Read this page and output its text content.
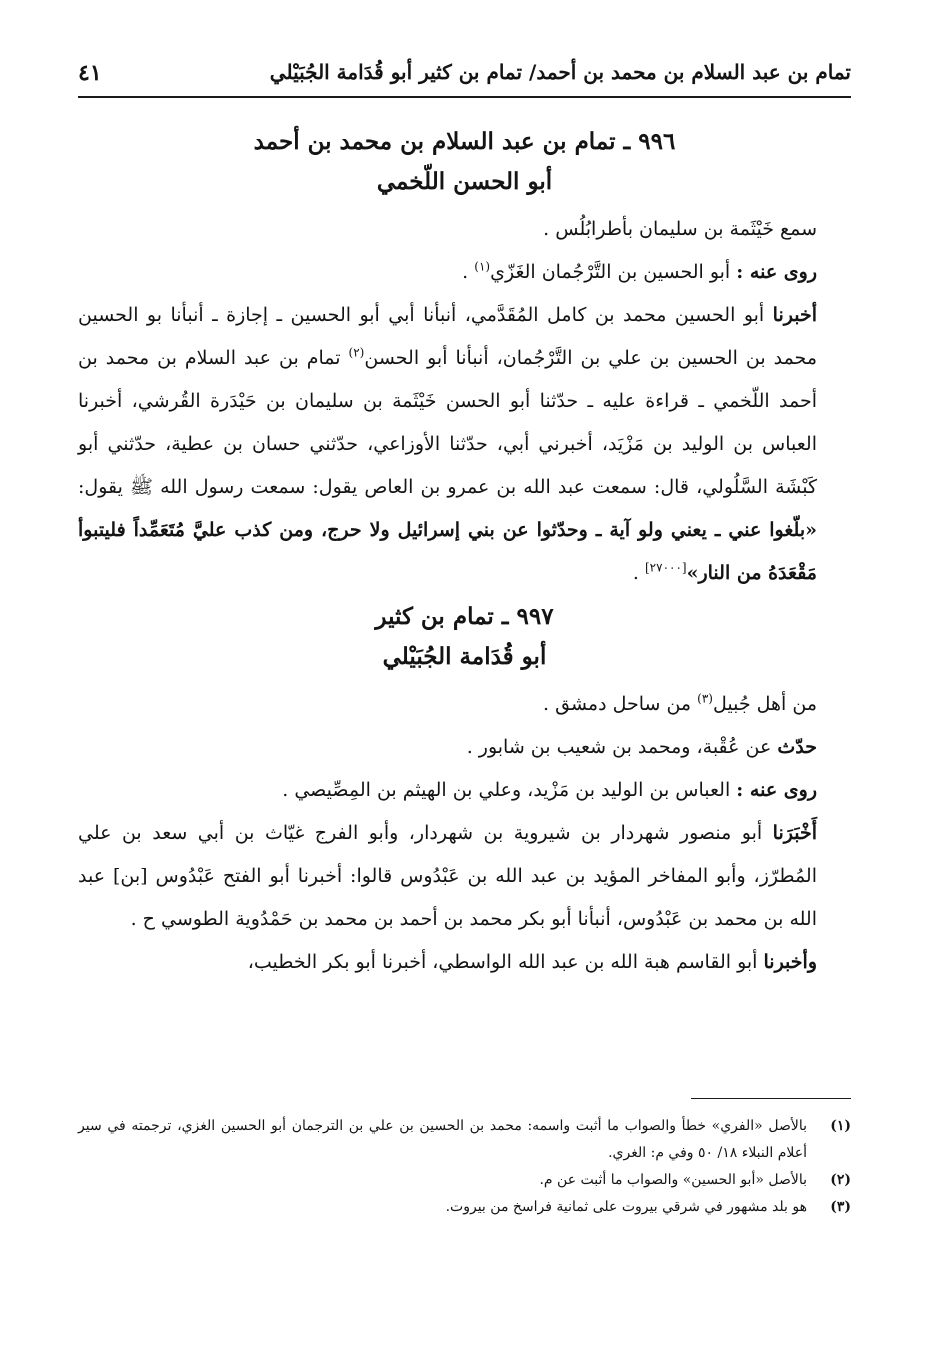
تمام بن عبد السلام بن محمد بن أحمد/ تمام بن كثير أبو قُدَامة الجُبَيْلي
٤١
٩٩٦ ـ تمام بن عبد السلام بن محمد بن أحمد
أبو الحسن اللّخمي

سمع خَيْثَمة بن سليمان بأطرابُلُس .

روى عنه : أبو الحسين بن التَّرْجُمان الغَزّي$^{(١)}$ .

أخبرنا أبو الحسين محمد بن كامل المُقَدَّمي، أنبأنا أبي أبو الحسين ـ إجازة ـ أنبأنا بو الحسين محمد بن الحسين بن علي بن التَّرْجُمان، أنبأنا أبو الحسن$^{(٢)}$ تمام بن عبد السلام بن محمد بن أحمد اللّخمي ـ قراءة عليه ـ حدّثنا أبو الحسن خَيْثَمة بن سليمان بن حَيْدَرة القُرشي، أخبرنا العباس بن الوليد بن مَزْيَد، أخبرني أبي، حدّثنا الأوزاعي، حدّثني حسان بن عطية، حدّثني أبو كَبْشَة السَّلُولي، قال: سمعت عبد الله بن عمرو بن العاص يقول: سمعت رسول الله ﷺ يقول: «بلّغوا عني ـ يعني ولو آية ـ وحدّثوا عن بني إسرائيل ولا حرج، ومن كذب عليَّ مُتَعَمِّداً فليتبوأ مَقْعَدَهُ من النار»[٢٧٠٠٠] .

٩٩٧ ـ تمام بن كثير
أبو قُدَامة الجُبَيْلي

من أهل جُبيل$^{(٣)}$ من ساحل دمشق .

حدّث عن عُقْبة، ومحمد بن شعيب بن شابور .

روى عنه : العباس بن الوليد بن مَزْيد، وعلي بن الهيثم بن المِصِّيصي .

أَخْبَرَنا أبو منصور شهردار بن شيروية بن شهردار، وأبو الفرج غيّاث بن أبي سعد بن علي المُطرّز، وأبو المفاخر المؤيد بن عبد الله بن عَبْدُوس قالوا: أخبرنا أبو الفتح عَبْدُوس [بن] عبد الله بن محمد بن عَبْدُوس، أنبأنا أبو بكر محمد بن أحمد بن محمد بن حَمْدُوية الطوسي ح .

وأخبرنا أبو القاسم هبة الله بن عبد الله الواسطي، أخبرنا أبو بكر الخطيب،

(١)
بالأصل «الفري» خطأ والصواب ما أثبت واسمه: محمد بن الحسين بن علي بن الترجمان أبو الحسين الغزي، ترجمته في سير أعلام النبلاء ١٨/ ٥٠ وفي م: الغري.

(٢)
بالأصل «أبو الحسين» والصواب ما أثبت عن م.

(٣)
هو بلد مشهور في شرقي بيروت على ثمانية فراسخ من بيروت.
